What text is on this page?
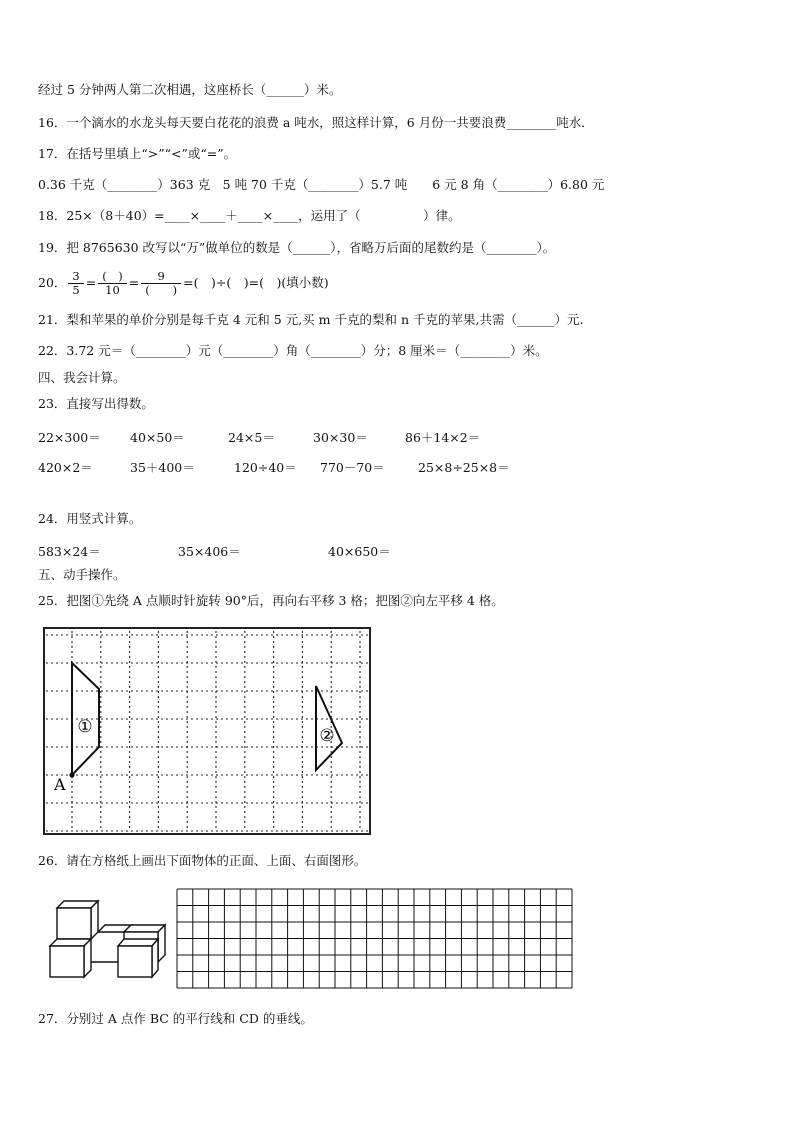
经过 5 分钟两人第二次相遇，这座桥长（______）米。
16．一个滴水的水龙头每天要白花花的浪费 a 吨水，照这样计算，6 月份一共要浪费________吨水．
17．在括号里填上“>”“<”或“=”。
0.36 千克（________）363 克　5 吨 70 千克（________）5.7 吨　　6 元 8 角（________）6.80 元
18．25×（8＋40）=____×____＋____×____，运用了（　　　　　）律。
19．把 8765630 改写以“万”做单位的数是（______），省略万后面的尾数约是（________）。
20． $\frac{3}{5} = \frac{( )}{10} = \frac{9}{( )}$ =(　)÷(　)=(　)(填小数)
21．梨和苹果的单价分别是每千克 4 元和 5 元,买 m 千克的梨和 n 千克的苹果,共需（______）元.
22．3.72 元＝（________）元（________）角（________）分；8 厘米＝（________）米。
四、我会计算。
23．直接写出得数。
22×300＝ 40×50＝	24×5＝	30×30＝	86＋14×2＝
420×2＝	35＋400＝	120÷40＝ 770－70＝	25×8÷25×8＝
24．用竖式计算。
583×24＝	35×406＝	40×650＝
五、动手操作。
25．把图①先绕 A 点顺时针旋转 90°后，再向右平移 3 格；把图②向左平移 4 格。
①	②
A
26．请在方格纸上画出下面物体的正面、上面、右面图形。
27．分别过 A 点作 BC 的平行线和 CD 的垂线。
